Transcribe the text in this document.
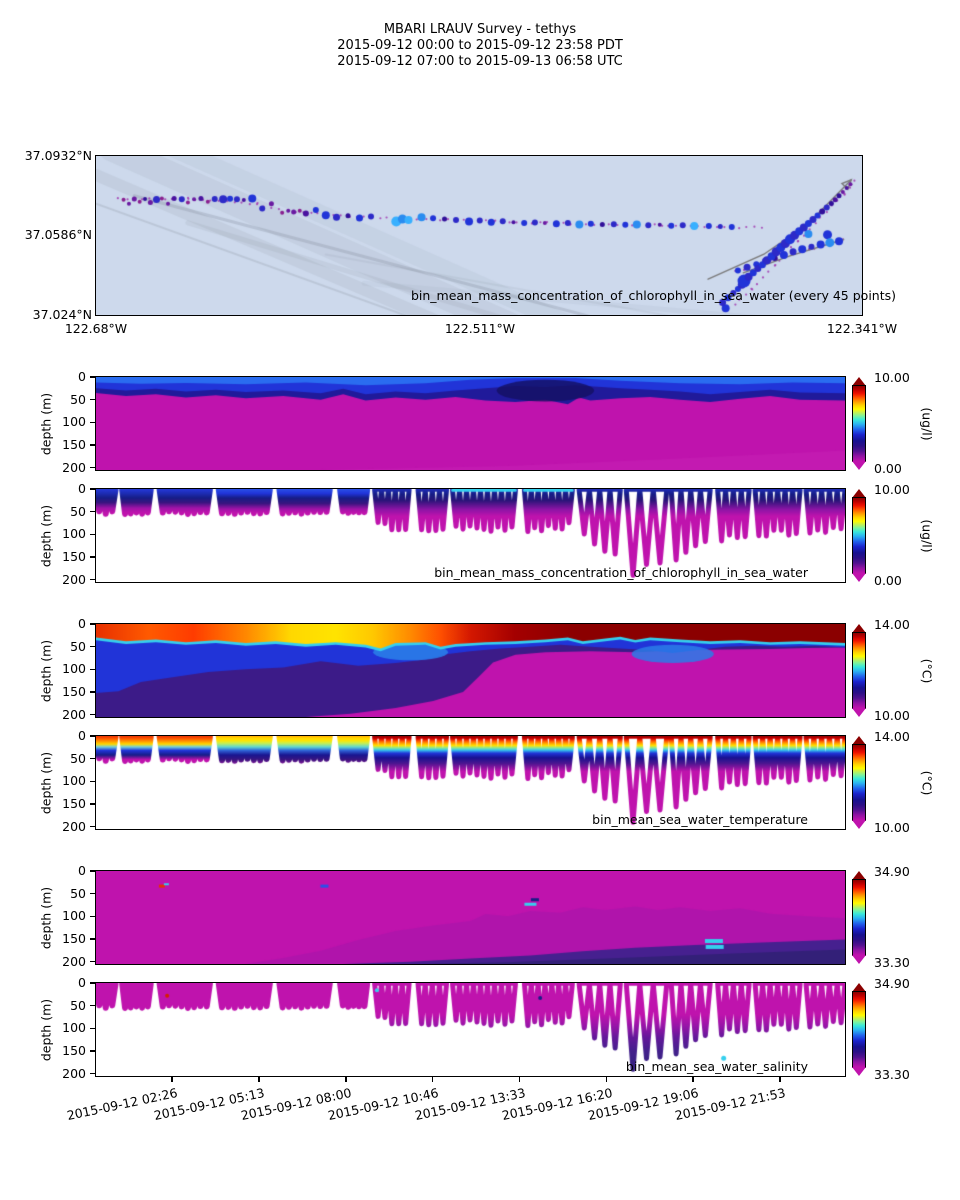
MBARI LRAUV Survey - tethys
2015-09-12 00:00 to 2015-09-12 23:58 PDT
2015-09-12 07:00 to 2015-09-13 06:58 UTC
bin_mean_mass_concentration_of_chlorophyll_in_sea_water (every 45 points)
37.0932°N
37.0586°N
37.024°N
122.68°W	122.511°W	122.341°W
0
50
100
150
200
depth (m)
10.00
0.00
(ug/l)
bin_mean_mass_concentration_of_chlorophyll_in_sea_water
0
50
100
150
200
depth (m)
10.00
0.00
(ug/l)
0
50
100
150
200
depth (m)
14.00
10.00
(°C)
bin_mean_sea_water_temperature
0
50
100
150
200
depth (m)
14.00
10.00
(°C)
0
50
100
150
200
depth (m)
34.90
33.30
bin_mean_sea_water_salinity
0
50
100
150
200
depth (m)
34.90
33.30
2015-09-12 02:26
2015-09-12 05:13
2015-09-12 08:00
2015-09-12 10:46
2015-09-12 13:33
2015-09-12 16:20
2015-09-12 19:06
2015-09-12 21:53
